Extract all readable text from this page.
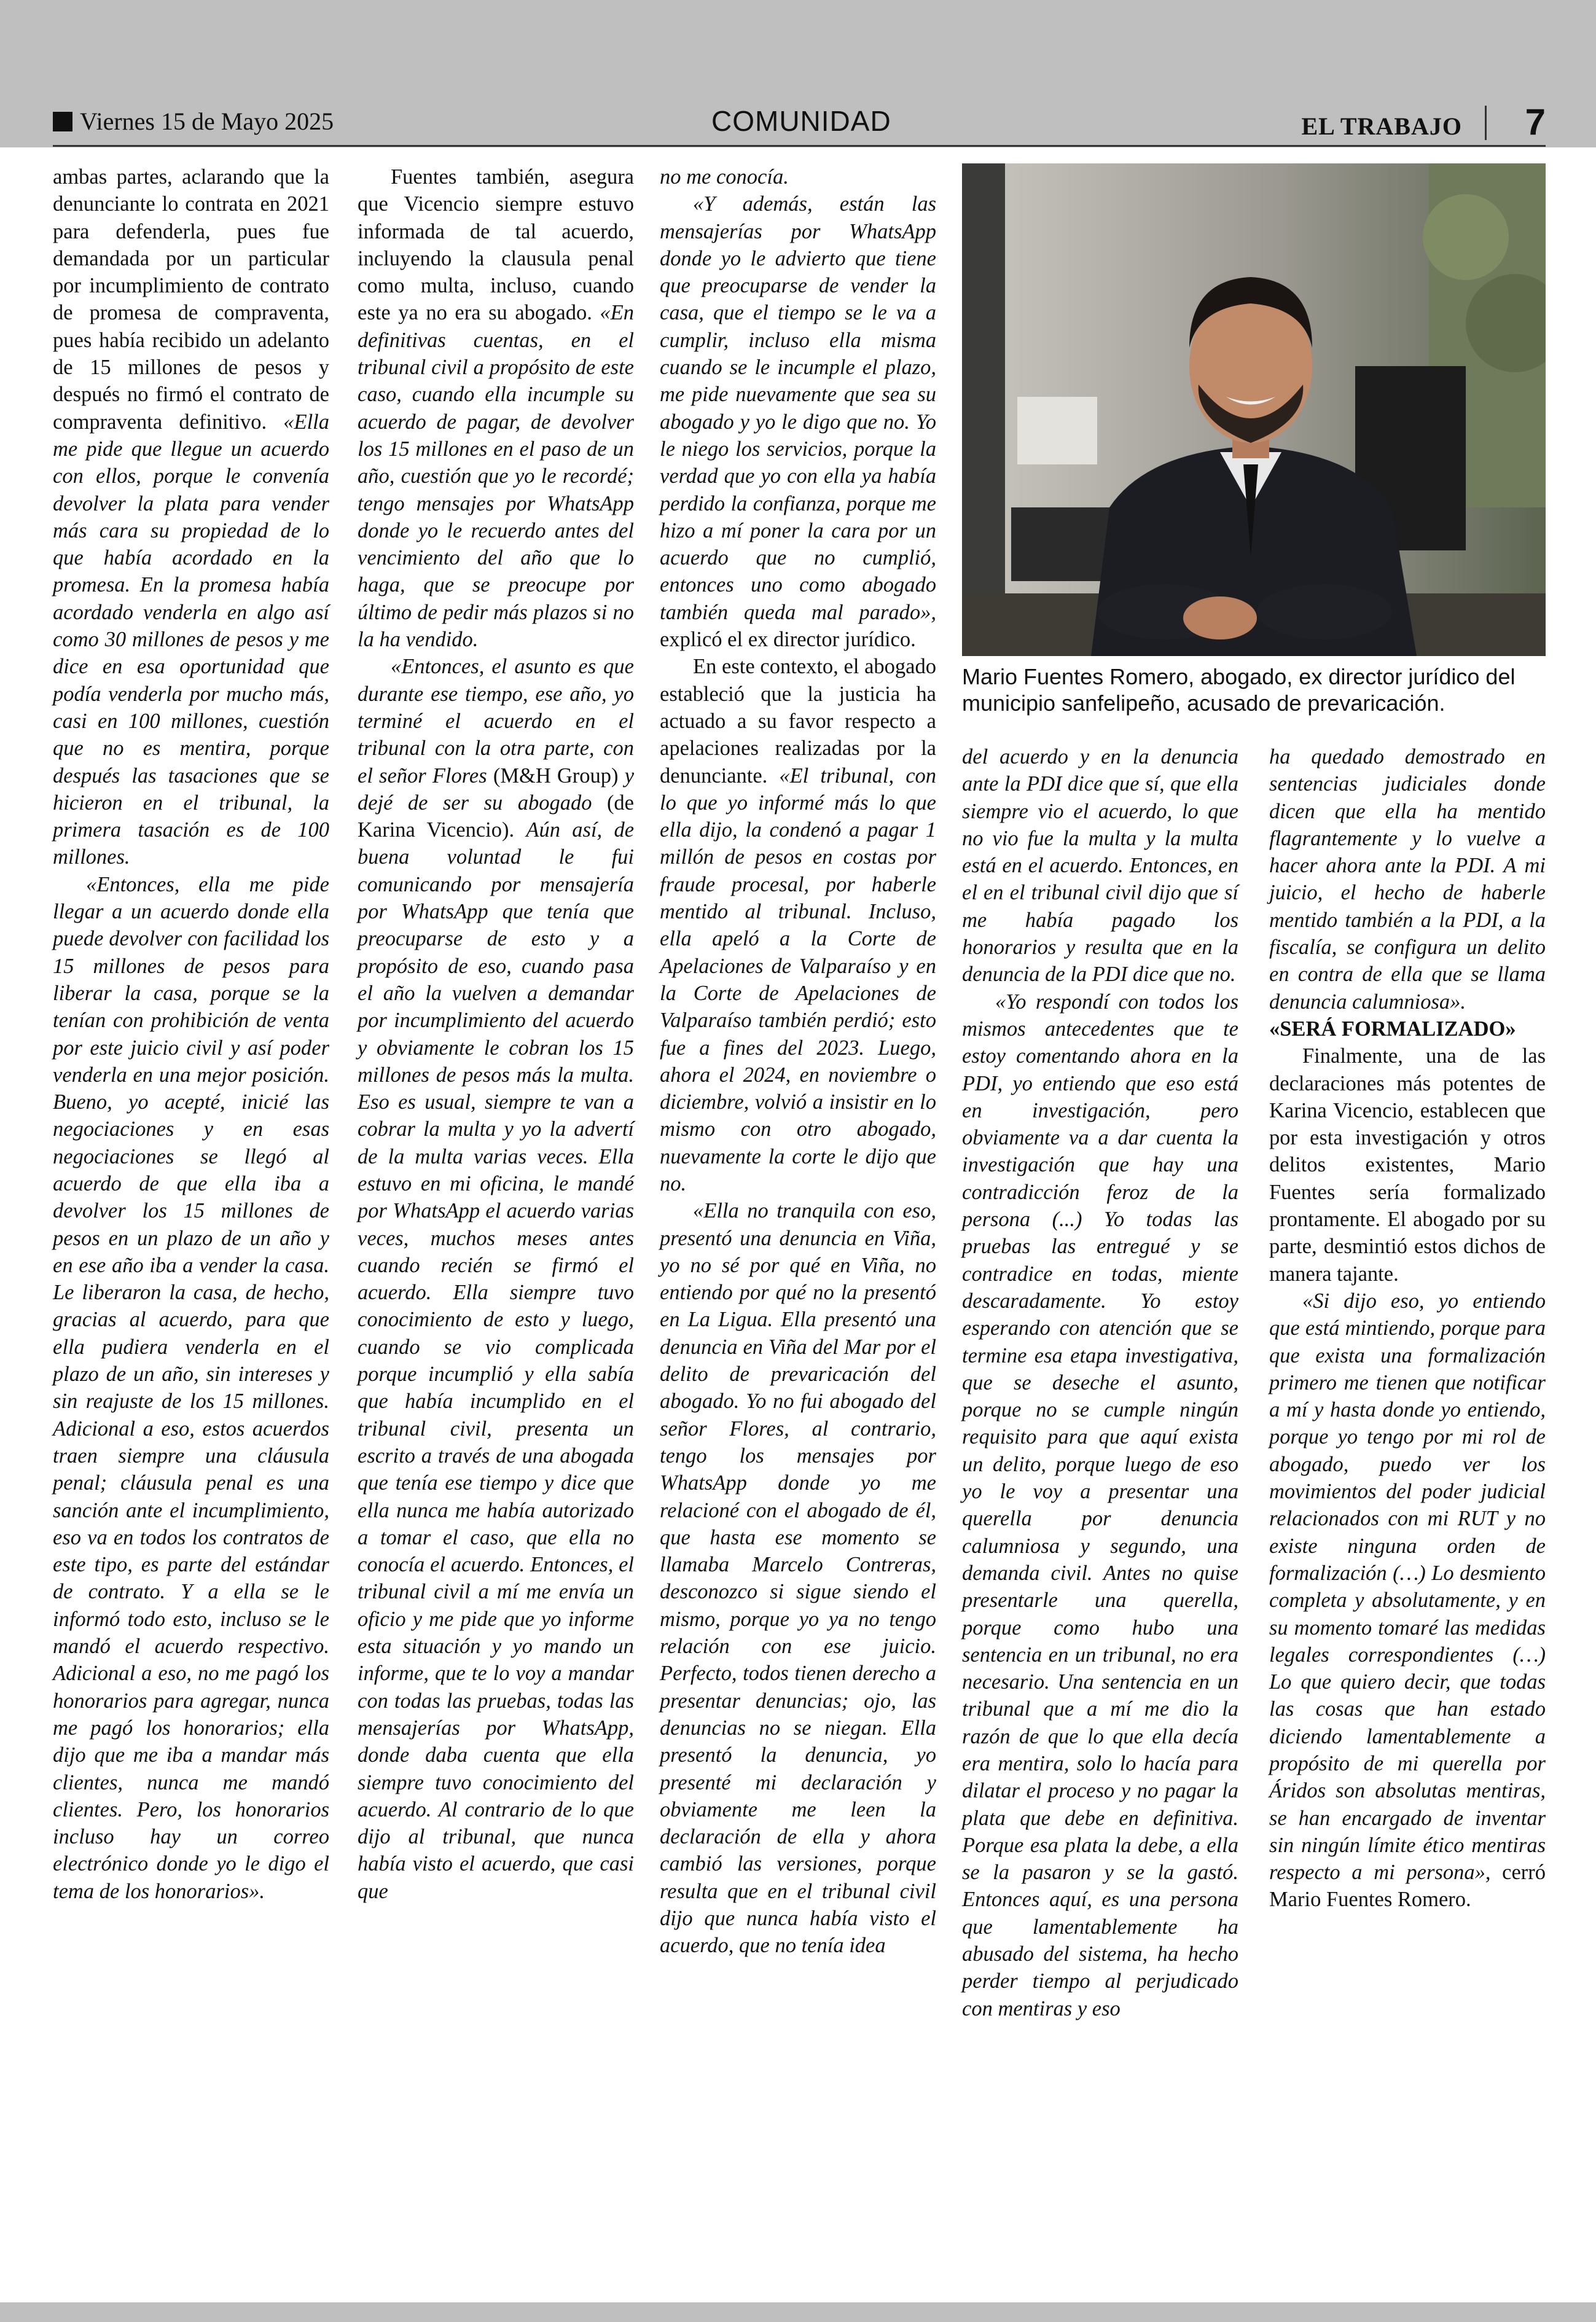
Viernes 15 de Mayo 2025	COMUNIDAD	EL TRABAJO 7

ambas partes, aclarando que la denunciante lo contrata en 2021 para defenderla, pues fue demandada por un particular por incumplimiento de contrato de promesa de compraventa, pues había recibido un adelanto de 15 millones de pesos y después no firmó el contrato de compraventa definitivo. «Ella me pide que llegue un acuerdo con ellos, porque le convenía devolver la plata para vender más cara su propiedad de lo que había acordado en la promesa. En la promesa había acordado venderla en algo así como 30 millones de pesos y me dice en esa oportunidad que podía venderla por mucho más, casi en 100 millones, cuestión que no es mentira, porque después las tasaciones que se hicieron en el tribunal, la primera tasación es de 100 millones.

«Entonces, ella me pide llegar a un acuerdo donde ella puede devolver con facilidad los 15 millones de pesos para liberar la casa, porque se la tenían con prohibición de venta por este juicio civil y así poder venderla en una mejor posición. Bueno, yo acepté, inicié las negociaciones y en esas negociaciones se llegó al acuerdo de que ella iba a devolver los 15 millones de pesos en un plazo de un año y en ese año iba a vender la casa. Le liberaron la casa, de hecho, gracias al acuerdo, para que ella pudiera venderla en el plazo de un año, sin intereses y sin reajuste de los 15 millones. Adicional a eso, estos acuerdos traen siempre una cláusula penal; cláusula penal es una sanción ante el incumplimiento, eso va en todos los contratos de este tipo, es parte del estándar de contrato. Y a ella se le informó todo esto, incluso se le mandó el acuerdo respectivo. Adicional a eso, no me pagó los honorarios para agregar, nunca me pagó los honorarios; ella dijo que me iba a mandar más clientes, nunca me mandó clientes. Pero, los honorarios incluso hay un correo electrónico donde yo le digo el tema de los honorarios».

Fuentes también, asegura que Vicencio siempre estuvo informada de tal acuerdo, incluyendo la clausula penal como multa, incluso, cuando este ya no era su abogado. «En definitivas cuentas, en el tribunal civil a propósito de este caso, cuando ella incumple su acuerdo de pagar, de devolver los 15 millones en el paso de un año, cuestión que yo le recordé; tengo mensajes por WhatsApp donde yo le recuerdo antes del vencimiento del año que lo haga, que se preocupe por último de pedir más plazos si no la ha vendido.

«Entonces, el asunto es que durante ese tiempo, ese año, yo terminé el acuerdo en el tribunal con la otra parte, con el señor Flores (M&H Group) y dejé de ser su abogado (de Karina Vicencio). Aún así, de buena voluntad le fui comunicando por mensajería por WhatsApp que tenía que preocuparse de esto y a propósito de eso, cuando pasa el año la vuelven a demandar por incumplimiento del acuerdo y obviamente le cobran los 15 millones de pesos más la multa. Eso es usual, siempre te van a cobrar la multa y yo la advertí de la multa varias veces. Ella estuvo en mi oficina, le mandé por WhatsApp el acuerdo varias veces, muchos meses antes cuando recién se firmó el acuerdo. Ella siempre tuvo conocimiento de esto y luego, cuando se vio complicada porque incumplió y ella sabía que había incumplido en el tribunal civil, presenta un escrito a través de una abogada que tenía ese tiempo y dice que ella nunca me había autorizado a tomar el caso, que ella no conocía el acuerdo. Entonces, el tribunal civil a mí me envía un oficio y me pide que yo informe esta situación y yo mando un informe, que te lo voy a mandar con todas las pruebas, todas las mensajerías por WhatsApp, donde daba cuenta que ella siempre tuvo conocimiento del acuerdo. Al contrario de lo que dijo al tribunal, que nunca había visto el acuerdo, que casi que

no me conocía.

«Y además, están las mensajerías por WhatsApp donde yo le advierto que tiene que preocuparse de vender la casa, que el tiempo se le va a cumplir, incluso ella misma cuando se le incumple el plazo, me pide nuevamente que sea su abogado y yo le digo que no. Yo le niego los servicios, porque la verdad que yo con ella ya había perdido la confianza, porque me hizo a mí poner la cara por un acuerdo que no cumplió, entonces uno como abogado también queda mal parado», explicó el ex director jurídico.

En este contexto, el abogado estableció que la justicia ha actuado a su favor respecto a apelaciones realizadas por la denunciante. «El tribunal, con lo que yo informé más lo que ella dijo, la condenó a pagar 1 millón de pesos en costas por fraude procesal, por haberle mentido al tribunal. Incluso, ella apeló a la Corte de Apelaciones de Valparaíso y en la Corte de Apelaciones de Valparaíso también perdió; esto fue a fines del 2023. Luego, ahora el 2024, en noviembre o diciembre, volvió a insistir en lo mismo con otro abogado, nuevamente la corte le dijo que no.

«Ella no tranquila con eso, presentó una denuncia en Viña, yo no sé por qué en Viña, no entiendo por qué no la presentó en La Ligua. Ella presentó una denuncia en Viña del Mar por el delito de prevaricación del abogado. Yo no fui abogado del señor Flores, al contrario, tengo los mensajes por WhatsApp donde yo me relacioné con el abogado de él, que hasta ese momento se llamaba Marcelo Contreras, desconozco si sigue siendo el mismo, porque yo ya no tengo relación con ese juicio. Perfecto, todos tienen derecho a presentar denuncias; ojo, las denuncias no se niegan. Ella presentó la denuncia, yo presenté mi declaración y obviamente me leen la declaración de ella y ahora cambió las versiones, porque resulta que en el tribunal civil dijo que nunca había visto el acuerdo, que no tenía idea

Mario Fuentes Romero, abogado, ex director jurídico del municipio sanfelipeño, acusado de prevaricación.

del acuerdo y en la denuncia ante la PDI dice que sí, que ella siempre vio el acuerdo, lo que no vio fue la multa y la multa está en el acuerdo. Entonces, en el en el tribunal civil dijo que sí me había pagado los honorarios y resulta que en la denuncia de la PDI dice que no.

«Yo respondí con todos los mismos antecedentes que te estoy comentando ahora en la PDI, yo entiendo que eso está en investigación, pero obviamente va a dar cuenta la investigación que hay una contradicción feroz de la persona (...) Yo todas las pruebas las entregué y se contradice en todas, miente descaradamente. Yo estoy esperando con atención que se termine esa etapa investigativa, que se deseche el asunto, porque no se cumple ningún requisito para que aquí exista un delito, porque luego de eso yo le voy a presentar una querella por denuncia calumniosa y segundo, una demanda civil. Antes no quise presentarle una querella, porque como hubo una sentencia en un tribunal, no era necesario. Una sentencia en un tribunal que a mí me dio la razón de que lo que ella decía era mentira, solo lo hacía para dilatar el proceso y no pagar la plata que debe en definitiva. Porque esa plata la debe, a ella se la pasaron y se la gastó. Entonces aquí, es una persona que lamentablemente ha abusado del sistema, ha hecho perder tiempo al perjudicado con mentiras y eso

ha quedado demostrado en sentencias judiciales donde dicen que ella ha mentido flagrantemente y lo vuelve a hacer ahora ante la PDI. A mi juicio, el hecho de haberle mentido también a la PDI, a la fiscalía, se configura un delito en contra de ella que se llama denuncia calumniosa».

«SERÁ FORMALIZADO»

Finalmente, una de las declaraciones más potentes de Karina Vicencio, establecen que por esta investigación y otros delitos existentes, Mario Fuentes sería formalizado prontamente. El abogado por su parte, desmintió estos dichos de manera tajante.

«Si dijo eso, yo entiendo que está mintiendo, porque para que exista una formalización primero me tienen que notificar a mí y hasta donde yo entiendo, porque yo tengo por mi rol de abogado, puedo ver los movimientos del poder judicial relacionados con mi RUT y no existe ninguna orden de formalización (…) Lo desmiento completa y absolutamente, y en su momento tomaré las medidas legales correspondientes (…) Lo que quiero decir, que todas las cosas que han estado diciendo lamentablemente a propósito de mi querella por Áridos son absolutas mentiras, se han encargado de inventar sin ningún límite ético mentiras respecto a mi persona», cerró Mario Fuentes Romero.
